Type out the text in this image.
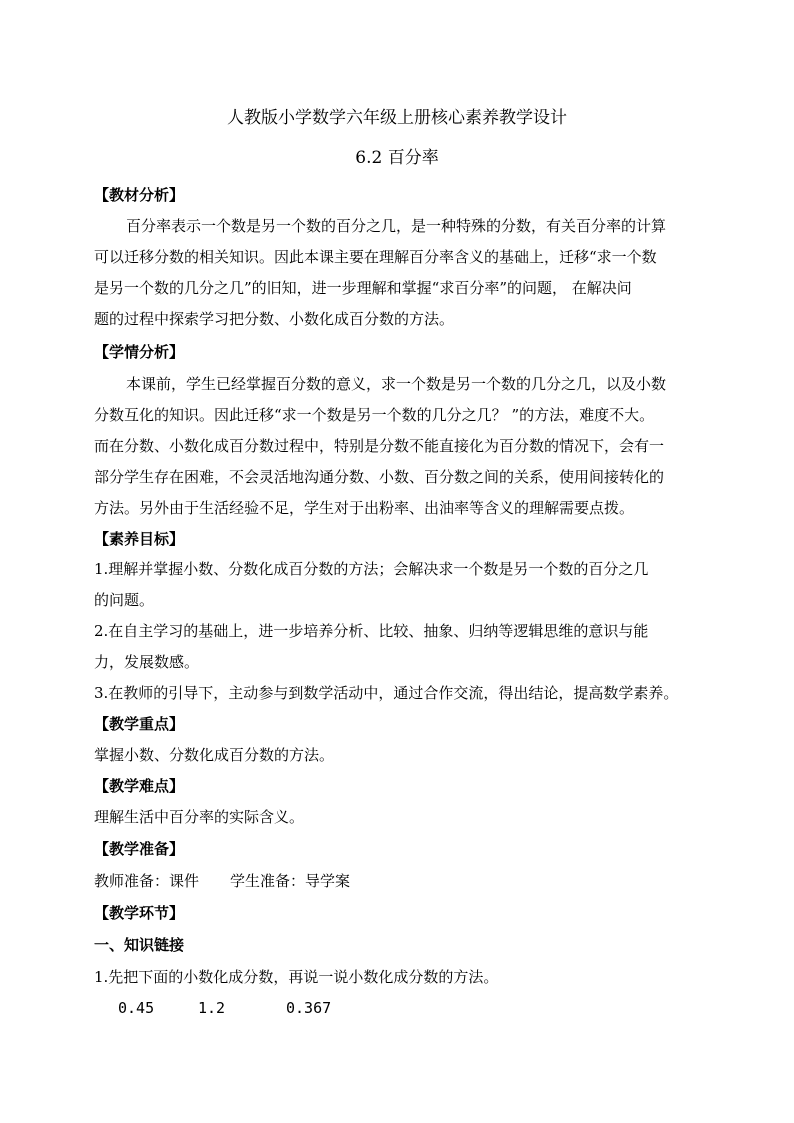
人教版小学数学六年级上册核心素养教学设计
6.2 百分率
【教材分析】
百分率表示一个数是另一个数的百分之几，是一种特殊的分数，有关百分率的计算
可以迁移分数的相关知识。因此本课主要在理解百分率含义的基础上，迁移“求一个数
是另一个数的几分之几”的旧知，进一步理解和掌握“求百分率”的问题， 在解决问
题的过程中探索学习把分数、小数化成百分数的方法。
【学情分析】
本课前，学生已经掌握百分数的意义，求一个数是另一个数的几分之几，以及小数
分数互化的知识。因此迁移“求一个数是另一个数的几分之几？ ”的方法，难度不大。
而在分数、小数化成百分数过程中，特别是分数不能直接化为百分数的情况下，会有一
部分学生存在困难，不会灵活地沟通分数、小数、百分数之间的关系，使用间接转化的
方法。另外由于生活经验不足，学生对于出粉率、出油率等含义的理解需要点拨。
【素养目标】
1.理解并掌握小数、分数化成百分数的方法；会解决求一个数是另一个数的百分之几
的问题。
2.在自主学习的基础上，进一步培养分析、比较、抽象、归纳等逻辑思维的意识与能
力，发展数感。
3.在教师的引导下，主动参与到数学活动中，通过合作交流，得出结论，提高数学素养。
【教学重点】
掌握小数、分数化成百分数的方法。
【教学难点】
理解生活中百分率的实际含义。
【教学准备】
教师准备：课件 学生准备：导学案
【教学环节】
一、知识链接
1.先把下面的小数化成分数，再说一说小数化成分数的方法。
0.45	1.2	0.367
